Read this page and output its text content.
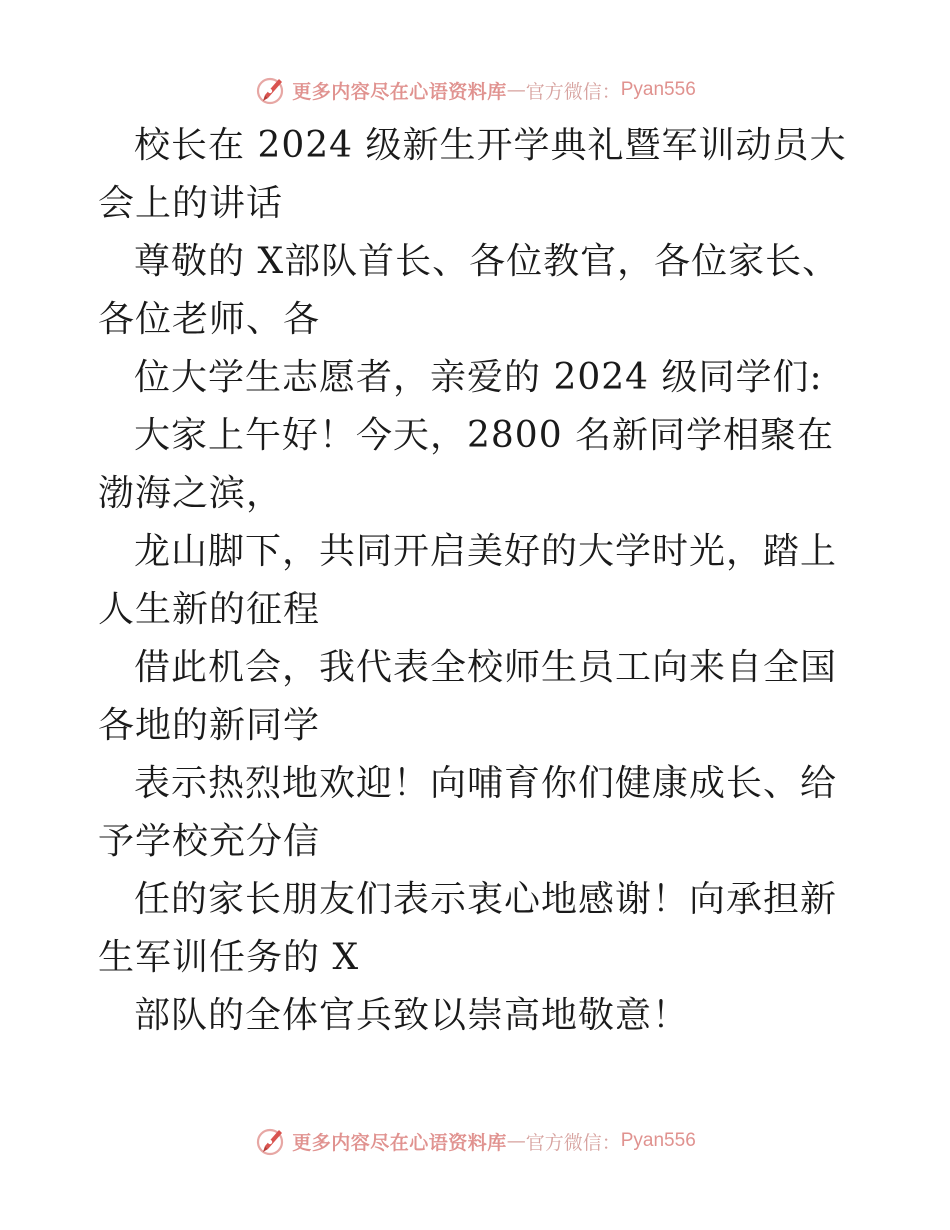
更多内容尽在心语资料库 — 官方微信： Pyan556

校长在 2024 级新生开学典礼暨军训动员大会上的讲话

尊敬的 X部队首长、各位教官，各位家长、各位老师、各

位大学生志愿者，亲爱的 2024 级同学们:

大家上午好！今天，2800 名新同学相聚在渤海之滨，

龙山脚下，共同开启美好的大学时光，踏上人生新的征程

借此机会，我代表全校师生员工向来自全国各地的新同学

表示热烈地欢迎！向哺育你们健康成长、给予学校充分信

任的家长朋友们表示衷心地感谢！向承担新生军训任务的 X

部队的全体官兵致以崇高地敬意！

更多内容尽在心语资料库 — 官方微信： Pyan556
